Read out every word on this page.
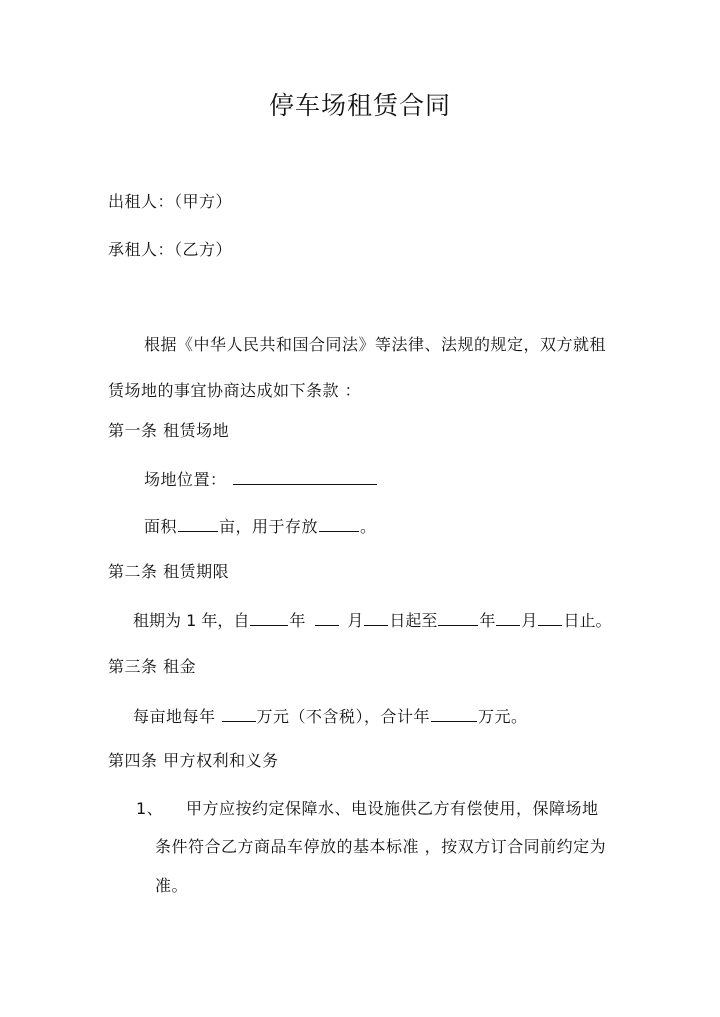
停车场租赁合同
出租人：（甲方）
承租人：（乙方）
根据《中华人民共和国合同法》等法律、法规的规定，双方就租
赁场地的事宜协商达成如下条款 ：
第一条 租赁场地
场地位置：
面积	亩，用于存放	。
第二条 租赁期限
租期为 1 年，自	年	月 日起至	年 月 日止。
第三条 租金
每亩地每年	万元（不含税），合计年	万元。
第四条 甲方权利和义务
1、 甲方应按约定保障水、电设施供乙方有偿使用，保障场地
条件符合乙方商品车停放的基本标准 ，按双方订合同前约定为
准。
